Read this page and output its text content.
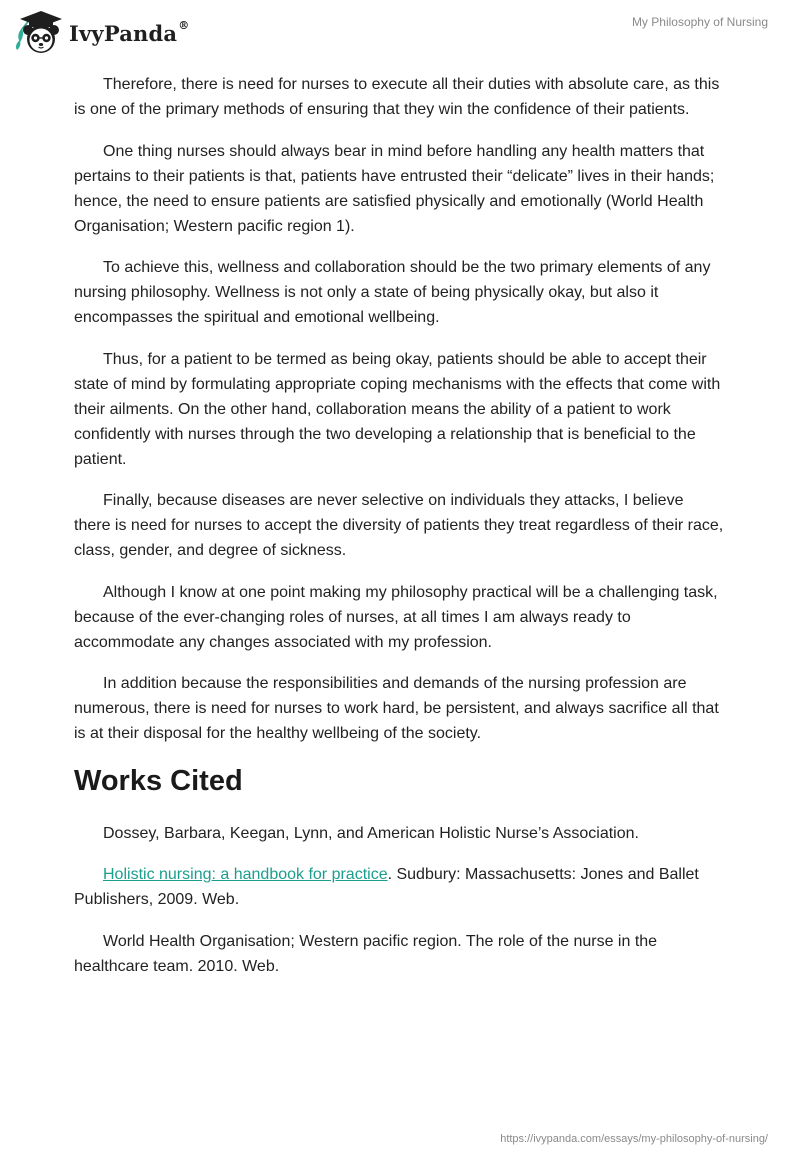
IvyPanda ®	My Philosophy of Nursing

Therefore, there is need for nurses to execute all their duties with absolute care, as this is one of the primary methods of ensuring that they win the confidence of their patients.

One thing nurses should always bear in mind before handling any health matters that pertains to their patients is that, patients have entrusted their “delicate” lives in their hands; hence, the need to ensure patients are satisfied physically and emotionally (World Health Organisation; Western pacific region 1).

To achieve this, wellness and collaboration should be the two primary elements of any nursing philosophy. Wellness is not only a state of being physically okay, but also it encompasses the spiritual and emotional wellbeing.

Thus, for a patient to be termed as being okay, patients should be able to accept their state of mind by formulating appropriate coping mechanisms with the effects that come with their ailments. On the other hand, collaboration means the ability of a patient to work confidently with nurses through the two developing a relationship that is beneficial to the patient.

Finally, because diseases are never selective on individuals they attacks, I believe there is need for nurses to accept the diversity of patients they treat regardless of their race, class, gender, and degree of sickness.

Although I know at one point making my philosophy practical will be a challenging task, because of the ever-changing roles of nurses, at all times I am always ready to accommodate any changes associated with my profession.

In addition because the responsibilities and demands of the nursing profession are numerous, there is need for nurses to work hard, be persistent, and always sacrifice all that is at their disposal for the healthy wellbeing of the society.

Works Cited

Dossey, Barbara, Keegan, Lynn, and American Holistic Nurse’s Association.

Holistic nursing: a handbook for practice. Sudbury: Massachusetts: Jones and Ballet Publishers, 2009. Web.

World Health Organisation; Western pacific region. The role of the nurse in the healthcare team. 2010. Web.

https://ivypanda.com/essays/my-philosophy-of-nursing/
